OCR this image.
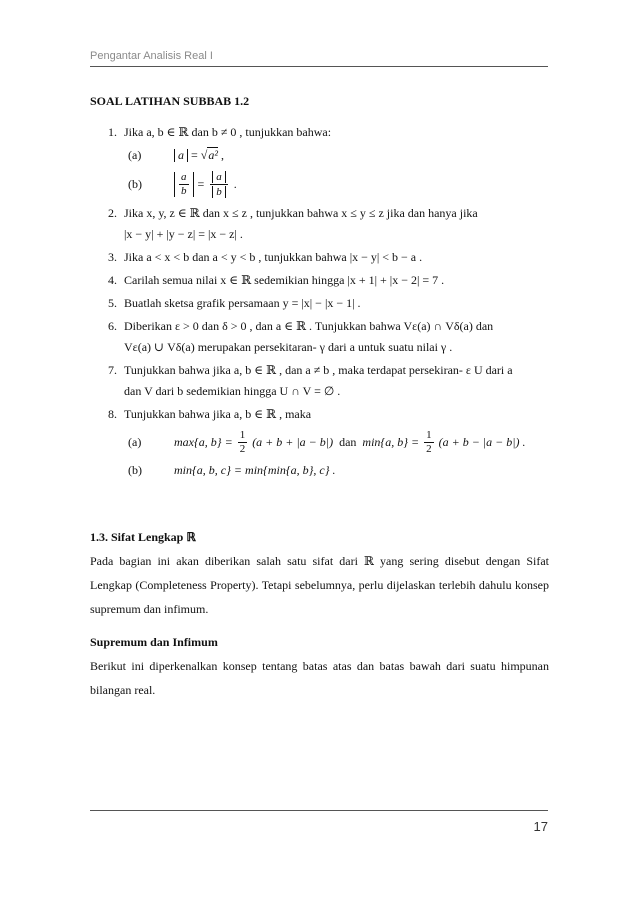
Pengantar Analisis Real I
SOAL LATIHAN SUBBAB 1.2
1. Jika a, b ∈ ℝ dan b ≠ 0 , tunjukkan bahwa:
(a)	a = √a² ,
(b)	$\frac{a}{b} = \frac{a}{b}$ .
2. Jika x, y, z ∈ ℝ dan x ≤ z , tunjukkan bahwa x ≤ y ≤ z jika dan hanya jika
|x − y| + |y − z| = |x − z| .
3. Jika a < x < b dan a < y < b , tunjukkan bahwa |x − y| < b − a .
4. Carilah semua nilai x ∈ ℝ sedemikian hingga |x + 1| + |x − 2| = 7 .
5. Buatlah sketsa grafik persamaan y = |x| − |x − 1| .
6. Diberikan ε > 0 dan δ > 0 , dan a ∈ ℝ . Tunjukkan bahwa Vε(a) ∩ Vδ(a) dan
Vε(a) ∪ Vδ(a) merupakan persekitaran- γ dari a untuk suatu nilai γ .
7. Tunjukkan bahwa jika a, b ∈ ℝ , dan a ≠ b , maka terdapat persekiran- ε U dari a
dan V dari b sedemikian hingga U ∩ V = ∅ .
8. Tunjukkan bahwa jika a, b ∈ ℝ , maka
(a)	max{a, $b\} = \frac{1}{2} (a + b + |a - b|)$ dan min{a, $b\} = \frac{1}{2} (a + b - |a - b|)$ .
(b)	min{a, b, c} = min{min{a, b}, c} .
1.3. Sifat Lengkap ℝ

Pada bagian ini akan diberikan salah satu sifat dari ℝ yang sering disebut dengan Sifat Lengkap (Completeness Property). Tetapi sebelumnya, perlu dijelaskan terlebih dahulu konsep supremum dan infimum.

Supremum dan Infimum

Berikut ini diperkenalkan konsep tentang batas atas dan batas bawah dari suatu himpunan bilangan real.

17
